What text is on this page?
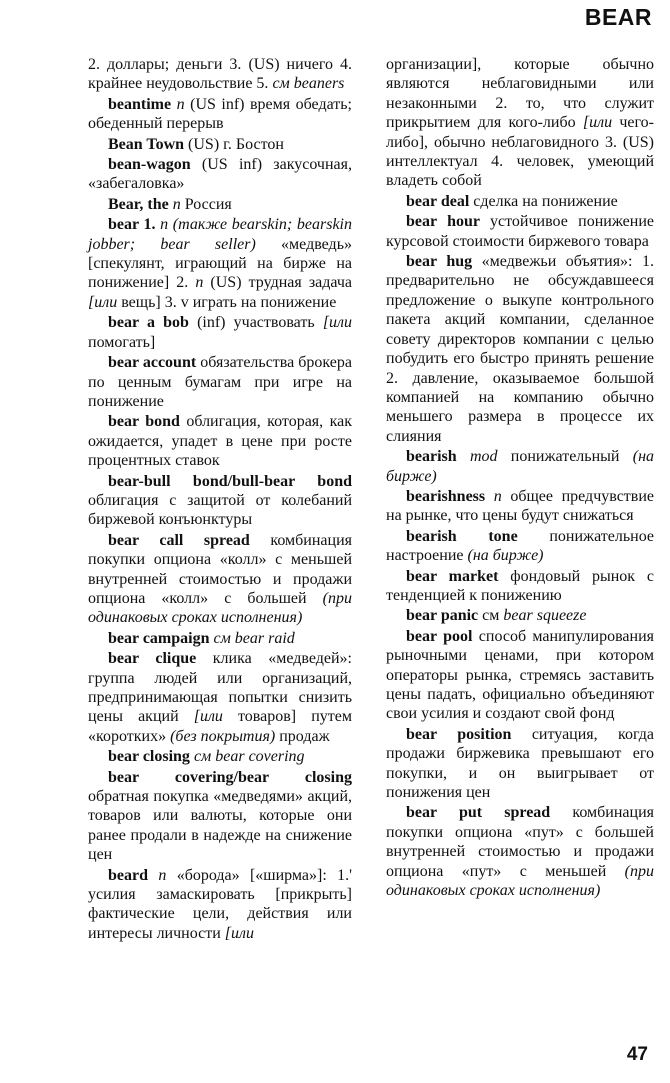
BEAR

2. доллары; деньги 3. (US) ничего 4. крайнее неудовольствие 5. см beaners

beantime n (US inf) время обедать; обеденный перерыв

Bean Town (US) г. Бостон

bean-wagon (US inf) закусочная, «забегаловка»

Bear, the n Россия

bear 1. n (также bearskin; bearskin jobber; bear seller) «медведь» [спекулянт, играющий на бирже на понижение] 2. n (US) трудная задача [или вещь] 3. v играть на понижение

bear a bob (inf) участвовать [или помогать]

bear account обязательства брокера по ценным бумагам при игре на понижение

bear bond облигация, которая, как ожидается, упадет в цене при росте процентных ставок

bear-bull bond/bull-bear bond облигация с защитой от колебаний биржевой конъюнктуры

bear call spread комбинация покупки опциона «колл» с меньшей внутренней стоимостью и продажи опциона «колл» с большей (при одинаковых сроках исполнения)

bear campaign см bear raid

bear clique клика «медведей»: группа людей или организаций, предпринимающая попытки снизить цены акций [или товаров] путем «коротких» (без покрытия) продаж

bear closing см bear covering

bear covering/bear closing обратная покупка «медведями» акций, товаров или валюты, которые они ранее продали в надежде на снижение цен

beard n «борода» [«ширма»]: 1.' усилия замаскировать [прикрыть] фактические цели, действия или интересы личности [или

организации], которые обычно являются неблаговидными или незаконными 2. то, что служит прикрытием для кого-либо [или чего-либо], обычно неблаговидного 3. (US) интеллектуал 4. человек, умеющий владеть собой

bear deal сделка на понижение

bear hour устойчивое понижение курсовой стоимости биржевого товара

bear hug «медвежьи объятия»: 1. предварительно не обсуждавшееся предложение о выкупе контрольного пакета акций компании, сделанное совету директоров компании с целью побудить его быстро принять решение 2. давление, оказываемое большой компанией на компанию обычно меньшего размера в процессе их слияния

bearish mod понижательный (на бирже)

bearishness n общее предчувствие на рынке, что цены будут снижаться

bearish tone понижательное настроение (на бирже)

bear market фондовый рынок с тенденцией к понижению

bear panic см bear squeeze

bear pool способ манипулирования рыночными ценами, при котором операторы рынка, стремясь заставить цены падать, официально объединяют свои усилия и создают свой фонд

bear position ситуация, когда продажи биржевика превышают его покупки, и он выигрывает от понижения цен

bear put spread комбинация покупки опциона «пут» с большей внутренней стоимостью и продажи опциона «пут» с меньшей (при одинаковых сроках исполнения)

47
